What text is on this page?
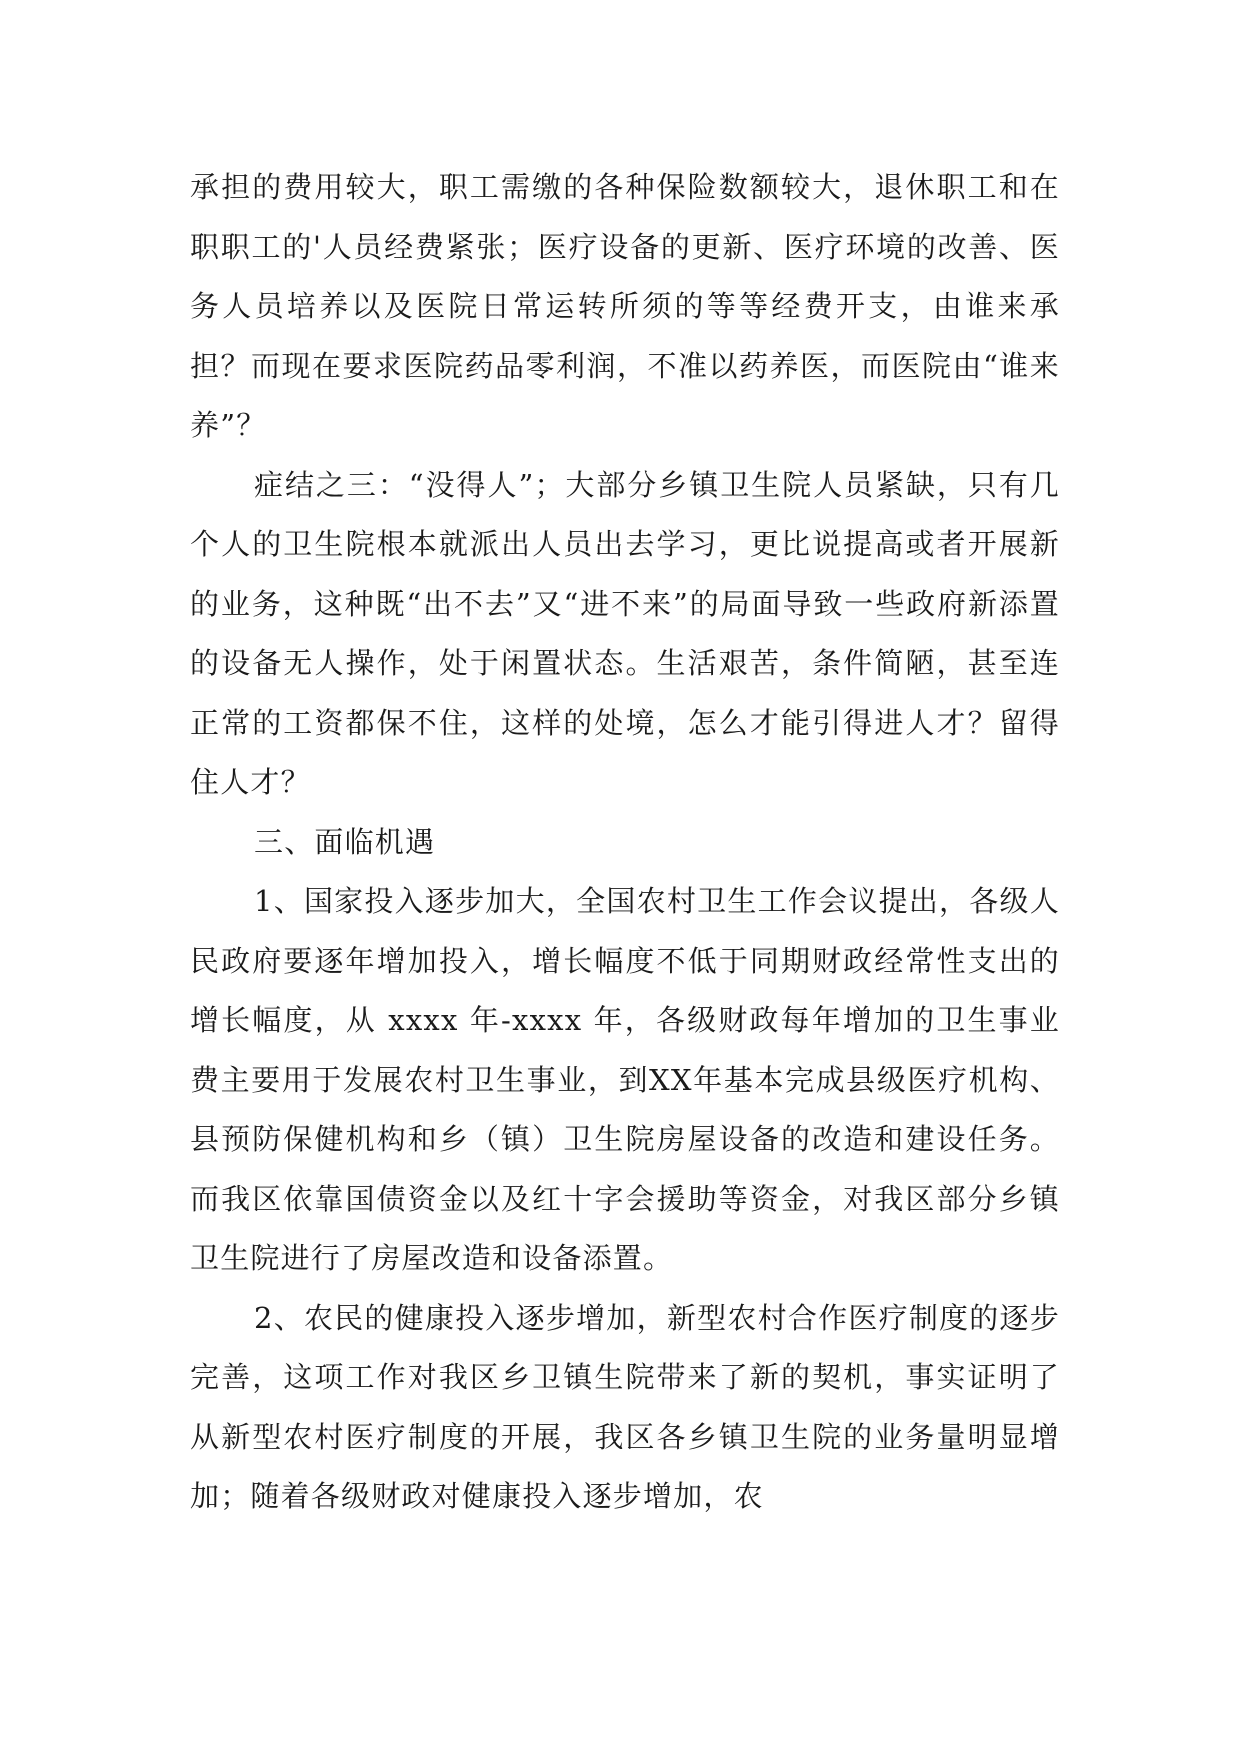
承担的费用较大，职工需缴的各种保险数额较大，退休职工和在职职工的'人员经费紧张；医疗设备的更新、医疗环境的改善、医务人员培养以及医院日常运转所须的等等经费开支，由谁来承担？而现在要求医院药品零利润，不准以药养医，而医院由“谁来养”？

症结之三：“没得人”；大部分乡镇卫生院人员紧缺，只有几个人的卫生院根本就派出人员出去学习，更比说提高或者开展新的业务，这种既“出不去”又“进不来”的局面导致一些政府新添置的设备无人操作，处于闲置状态。生活艰苦，条件简陋，甚至连正常的工资都保不住，这样的处境，怎么才能引得进人才？留得住人才？

三、面临机遇

1、国家投入逐步加大，全国农村卫生工作会议提出，各级人民政府要逐年增加投入，增长幅度不低于同期财政经常性支出的增长幅度，从 xxxx 年-xxxx 年，各级财政每年增加的卫生事业费主要用于发展农村卫生事业，到XX年基本完成县级医疗机构、县预防保健机构和乡（镇）卫生院房屋设备的改造和建设任务。而我区依靠国债资金以及红十字会援助等资金，对我区部分乡镇卫生院进行了房屋改造和设备添置。

2、农民的健康投入逐步增加，新型农村合作医疗制度的逐步完善，这项工作对我区乡卫镇生院带来了新的契机，事实证明了从新型农村医疗制度的开展，我区各乡镇卫生院的业务量明显增加；随着各级财政对健康投入逐步增加，农
